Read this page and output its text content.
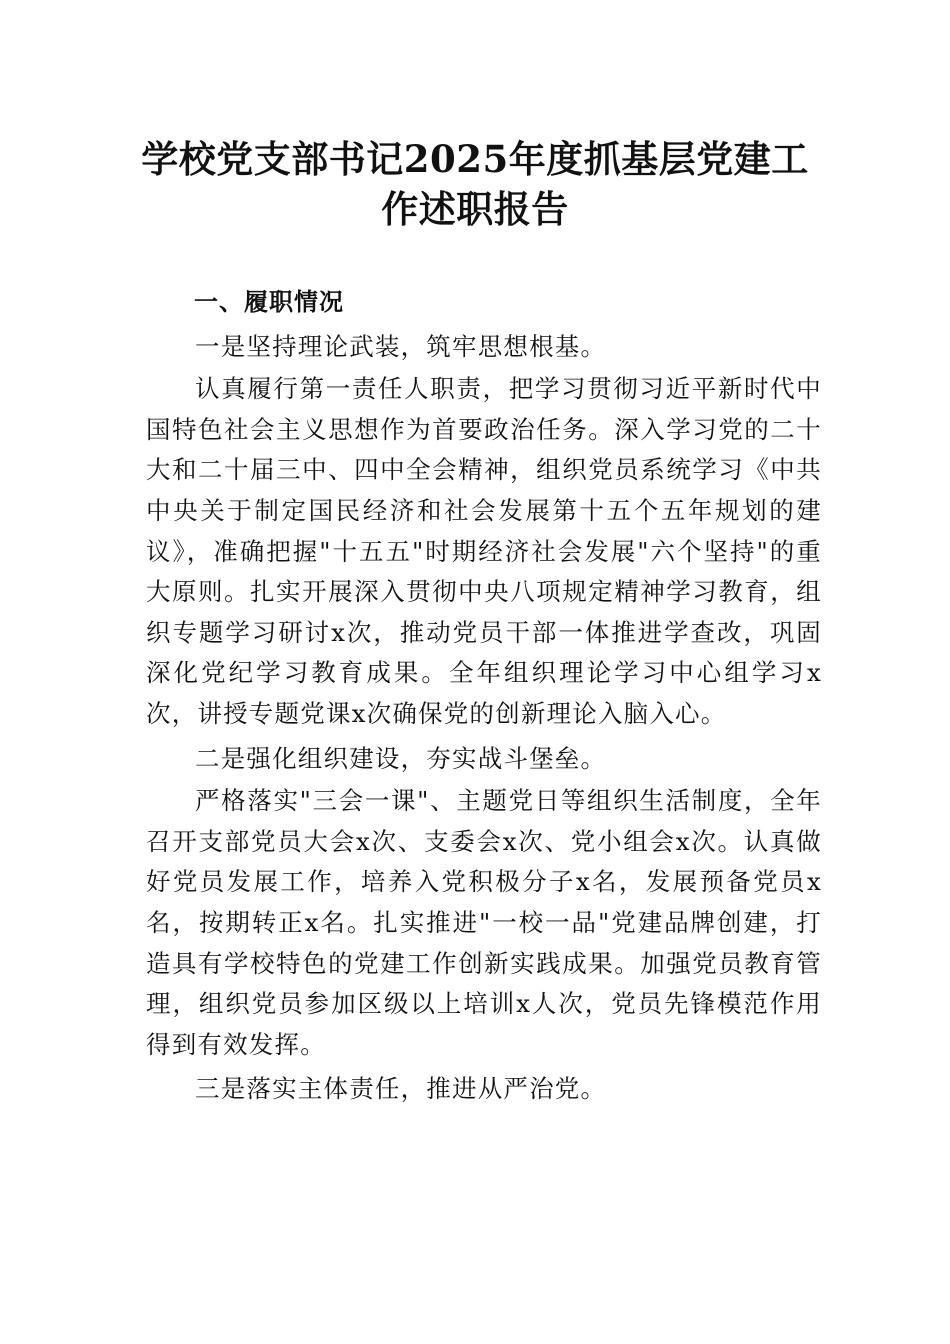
学校党支部书记2025年度抓基层党建工作述职报告

一、履职情况

一是坚持理论武装，筑牢思想根基。

认真履行第一责任人职责，把学习贯彻习近平新时代中国特色社会主义思想作为首要政治任务。深入学习党的二十大和二十届三中、四中全会精神，组织党员系统学习《中共中央关于制定国民经济和社会发展第十五个五年规划的建议》，准确把握"十五五"时期经济社会发展"六个坚持"的重大原则。扎实开展深入贯彻中央八项规定精神学习教育，组织专题学习研讨x次，推动党员干部一体推进学查改，巩固深化党纪学习教育成果。全年组织理论学习中心组学习x次，讲授专题党课x次确保党的创新理论入脑入心。

二是强化组织建设，夯实战斗堡垒。

严格落实"三会一课"、主题党日等组织生活制度，全年召开支部党员大会x次、支委会x次、党小组会x次。认真做好党员发展工作，培养入党积极分子x名，发展预备党员x名，按期转正x名。扎实推进"一校一品"党建品牌创建，打造具有学校特色的党建工作创新实践成果。加强党员教育管理，组织党员参加区级以上培训x人次，党员先锋模范作用得到有效发挥。

三是落实主体责任，推进从严治党。
